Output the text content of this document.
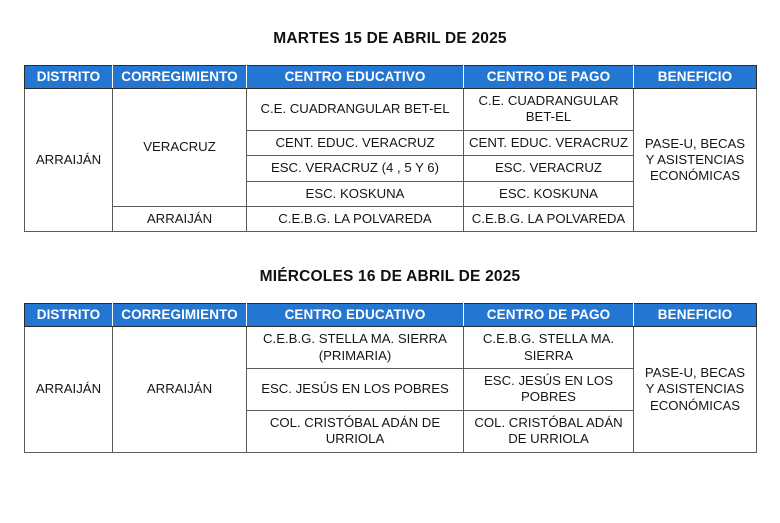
MARTES 15 DE ABRIL DE 2025
DISTRITO	CORREGIMIENTO	CENTRO EDUCATIVO	CENTRO DE PAGO	BENEFICIO
ARRAIJÁN	VERACRUZ	C.E. CUADRANGULAR BET-EL	C.E. CUADRANGULAR BET-EL	PASE-U, BECAS Y ASISTENCIAS ECONÓMICAS
		CENT. EDUC. VERACRUZ	CENT. EDUC. VERACRUZ	
		ESC. VERACRUZ (4 , 5 Y 6)	ESC. VERACRUZ	
		ESC. KOSKUNA	ESC. KOSKUNA	
	ARRAIJÁN	C.E.B.G. LA POLVAREDA	C.E.B.G. LA POLVAREDA	
MIÉRCOLES 16 DE ABRIL DE 2025
DISTRITO	CORREGIMIENTO	CENTRO EDUCATIVO	CENTRO DE PAGO	BENEFICIO
ARRAIJÁN	ARRAIJÁN	C.E.B.G. STELLA MA. SIERRA (PRIMARIA)	C.E.B.G. STELLA MA. SIERRA	PASE-U, BECAS Y ASISTENCIAS ECONÓMICAS
		ESC. JESÚS EN LOS POBRES	ESC. JESÚS EN LOS POBRES	
		COL. CRISTÓBAL ADÁN DE URRIOLA	COL. CRISTÓBAL ADÁN DE URRIOLA	
